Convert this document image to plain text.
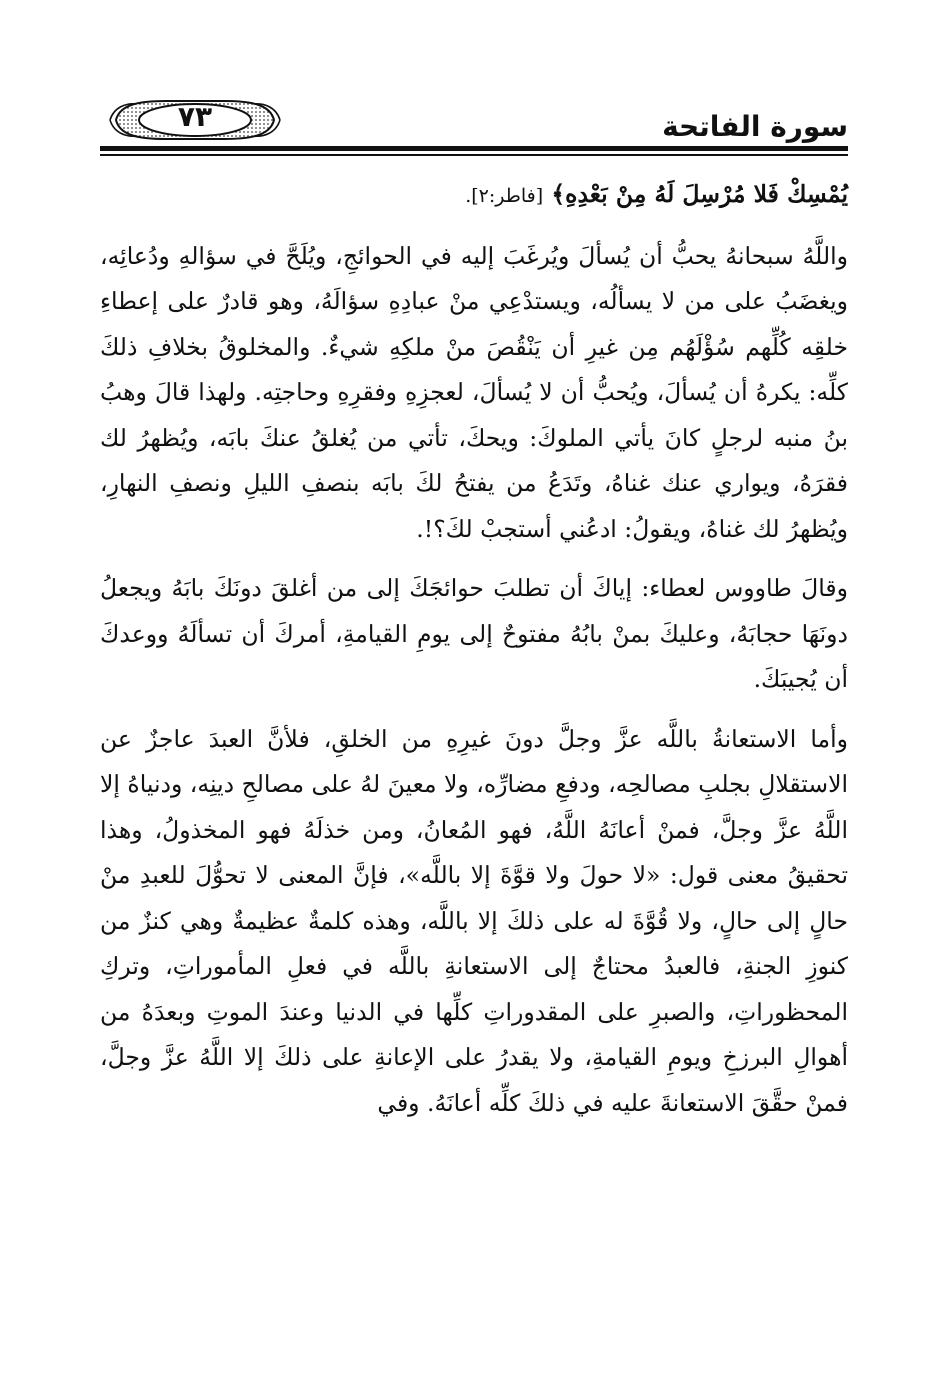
سورة الفاتحة
٧٣

يُمْسِكْ فَلا مُرْسِلَ لَهُ مِنْ بَعْدِهِ﴾ [فاطر:٢].

واللَّهُ سبحانهُ يحبُّ أن يُسألَ ويُرغَبَ إليه في الحوائجِ، ويُلَحَّ في سؤالهِ ودُعائِه، ويغضَبُ على من لا يسألُه، ويستدْعِي منْ عبادِهِ سؤالَهُ، وهو قادرٌ على إعطاءِ خلقِه كُلِّهم سُؤْلَهُم مِن غيرِ أن يَنْقُصَ منْ ملكِهِ شيءٌ. والمخلوقُ بخلافِ ذلكَ كلِّه: يكرهُ أن يُسألَ، ويُحبُّ أن لا يُسألَ، لعجزِهِ وفقرِهِ وحاجتِه. ولهذا قالَ وهبُ بنُ منبه لرجلٍ كانَ يأتي الملوكَ: ويحكَ، تأتي من يُغلقُ عنكَ بابَه، ويُظهرُ لك فقرَهُ، ويواري عنك غناهُ، وتَدَعُ من يفتحُ لكَ بابَه بنصفِ الليلِ ونصفِ النهارِ، ويُظهرُ لك غناهُ، ويقولُ: ادعُني أستجبْ لكَ؟!.

وقالَ طاووس لعطاء: إياكَ أن تطلبَ حوائجَكَ إلى من أغلقَ دونَكَ بابَهُ ويجعلُ دونَهَا حجابَهُ، وعليكَ بمنْ بابُهُ مفتوحٌ إلى يومِ القيامةِ، أمركَ أن تسألَهُ ووعدكَ أن يُجيبَكَ.

وأما الاستعانةُ باللَّه عزَّ وجلَّ دونَ غيرِهِ من الخلقِ، فلأنَّ العبدَ عاجزٌ عن الاستقلالِ بجلبِ مصالحِه، ودفعِ مضارِّه، ولا معينَ لهُ على مصالحِ دينِه، ودنياهُ إلا اللَّهُ عزَّ وجلَّ، فمنْ أعانَهُ اللَّهُ، فهو المُعانُ، ومن خذلَهُ فهو المخذولُ، وهذا تحقيقُ معنى قول: «لا حولَ ولا قوَّةَ إلا باللَّه»، فإنَّ المعنى لا تحوُّلَ للعبدِ منْ حالٍ إلى حالٍ، ولا قُوَّةَ له على ذلكَ إلا باللَّه، وهذه كلمةٌ عظيمةٌ وهي كنزٌ من كنوزِ الجنةِ، فالعبدُ محتاجٌ إلى الاستعانةِ باللَّه في فعلِ المأموراتِ، وتركِ المحظوراتِ، والصبرِ على المقدوراتِ كلِّها في الدنيا وعندَ الموتِ وبعدَهُ من أهوالِ البرزخِ ويومِ القيامةِ، ولا يقدرُ على الإعانةِ على ذلكَ إلا اللَّهُ عزَّ وجلَّ، فمنْ حقَّقَ الاستعانةَ عليه في ذلكَ كلِّه أعانَهُ. وفي
